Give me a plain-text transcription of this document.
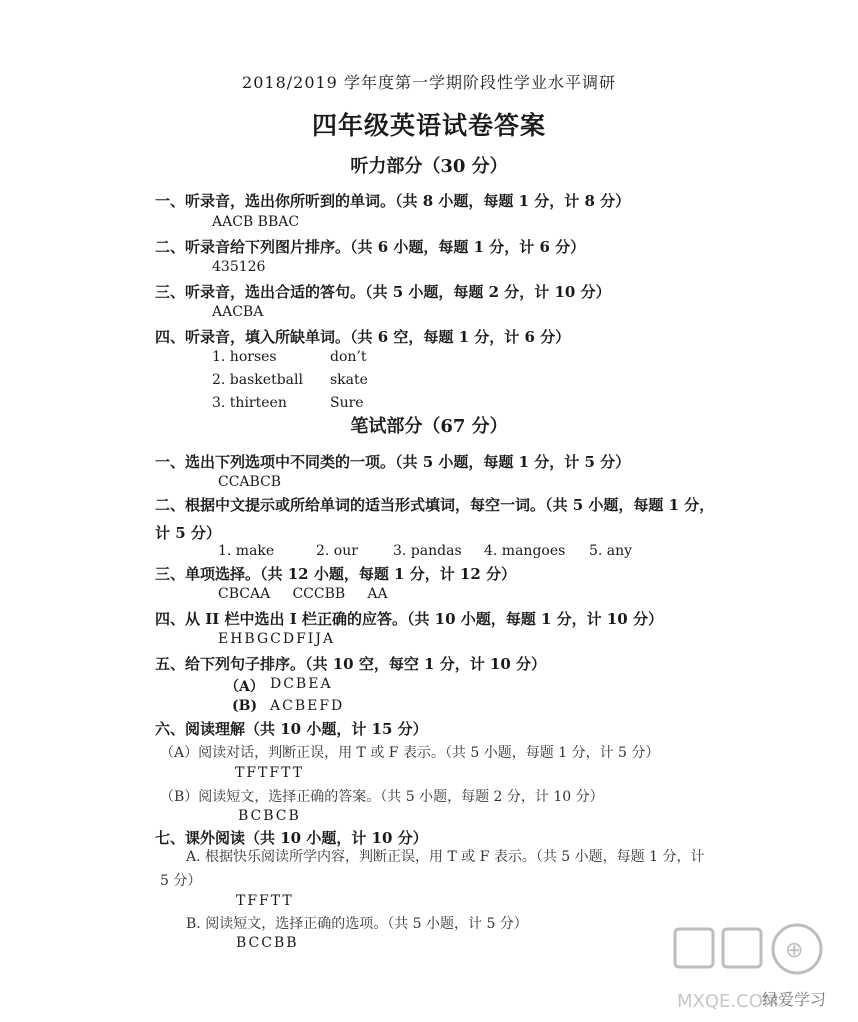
2018/2019 学年度第一学期阶段性学业水平调研
四年级英语试卷答案
听力部分（30 分）
一、听录音，选出你所听到的单词。（共 8 小题，每题 1 分，计 8 分）
AACB BBAC
二、听录音给下列图片排序。（共 6 小题，每题 1 分，计 6 分）
435126
三、听录音，选出合适的答句。（共 5 小题，每题 2 分，计 10 分）
AACBA
四、听录音，填入所缺单词。（共 6 空，每题 1 分，计 6 分）
1. horses	don’t
2. basketball skate
3. thirteen	Sure
笔试部分（67 分）
一、选出下列选项中不同类的一项。（共 5 小题，每题 1 分，计 5 分）
CCABCB
二、根据中文提示或所给单词的适当形式填词，每空一词。（共 5 小题，每题 1 分，计 5 分）
1. make	2. our	3. pandas 4. mangoes 5. any
三、单项选择。（共 12 小题，每题 1 分，计 12 分）
CBCAA     CCCBB     AA
四、从 II 栏中选出 I 栏正确的应答。（共 10 小题，每题 1 分，计 10 分）
EHBGCDFIJA
五、给下列句子排序。（共 10 空，每空 1 分，计 10 分）
（A） DCBEA
(B) ACBEFD
六、阅读理解（共 10 小题，计 15 分）
（A）阅读对话，判断正误，用 T 或 F 表示。（共 5 小题，每题 1 分，计 5 分）
TFTFTT
（B）阅读短文，选择正确的答案。（共 5 小题，每题 2 分，计 10 分）
BCBCB
七、课外阅读（共 10 小题，计 10 分）
A. 根据快乐阅读所学内容，判断正误，用 T 或 F 表示。（共 5 小题，每题 1 分，计 5 分）
TFFTT
B. 阅读短文，选择正确的选项。（共 5 小题，计 5 分）
BCCBB	⊕
MXQE.COM
绿爱学习
